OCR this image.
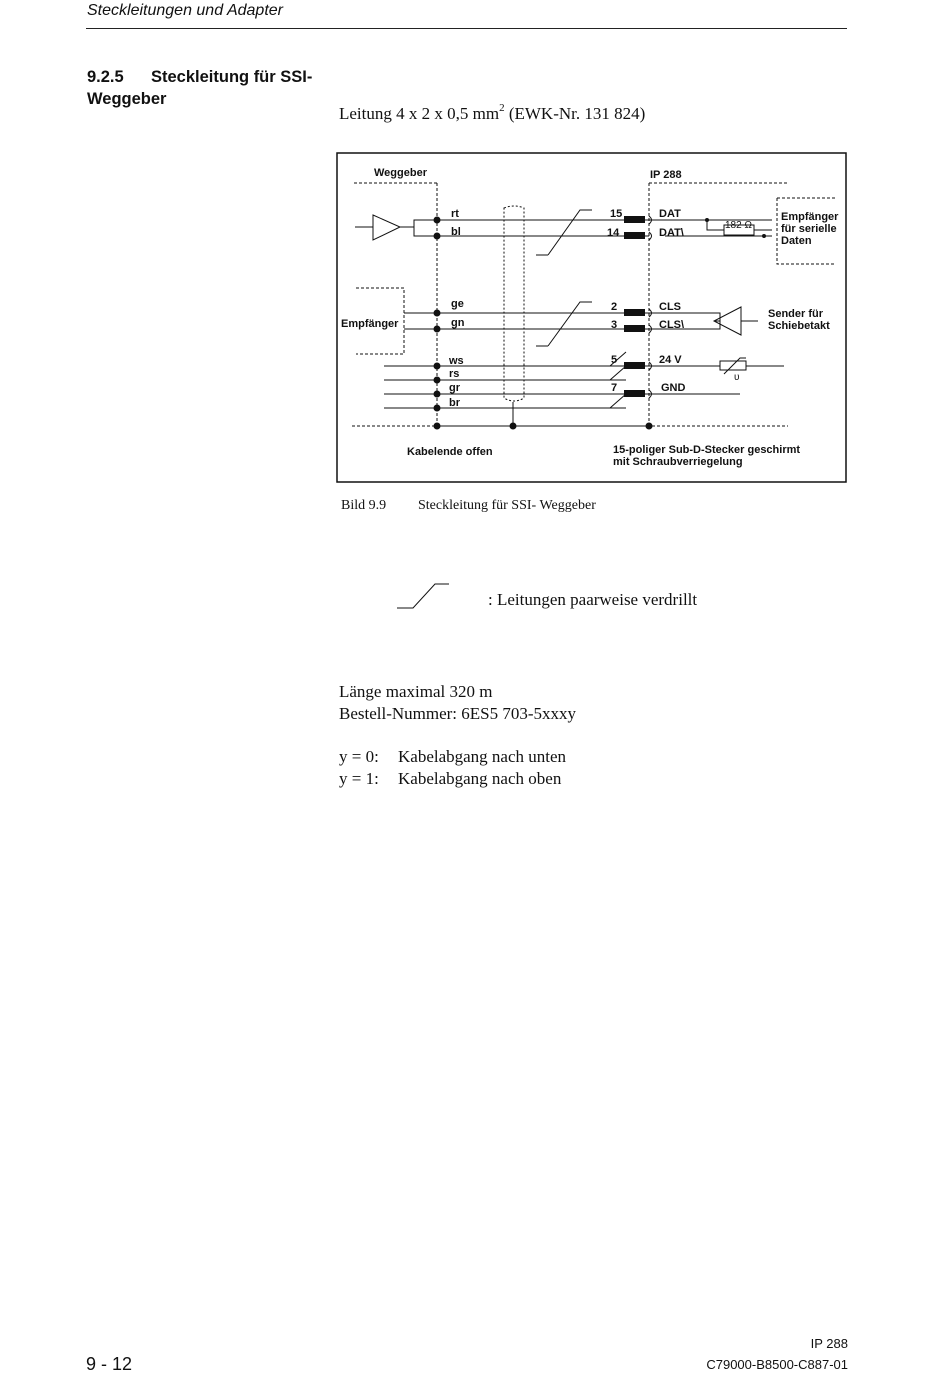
Steckleitungen und Adapter
9.2.5 Steckleitung für SSI-Weggeber
Leitung 4 x 2 x 0,5 $mm^2$ (EWK-Nr. 131 824)
Weggeber	IP 288
rt
bl
15
14
DAT
DAT\
182 Ω
Empfänger
für serielle
Daten
Empfänger
ge
gn
2
3
CLS
CLS\
Sender für
Schiebetakt
ws
rs
gr
br
5
7
24 V
GND
υ
Kabelende offen	15-poliger Sub-D-Stecker geschirmt
mit Schraubverriegelung
Bild 9.9 Steckleitung für SSI- Weggeber
: Leitungen paarweise verdrillt
Länge maximal 320 m
Bestell-Nummer: 6ES5 703-5xxxy
y = 0: Kabelabgang nach unten
y = 1: Kabelabgang nach oben
IP 288
9 - 12	C79000-B8500-C887-01
